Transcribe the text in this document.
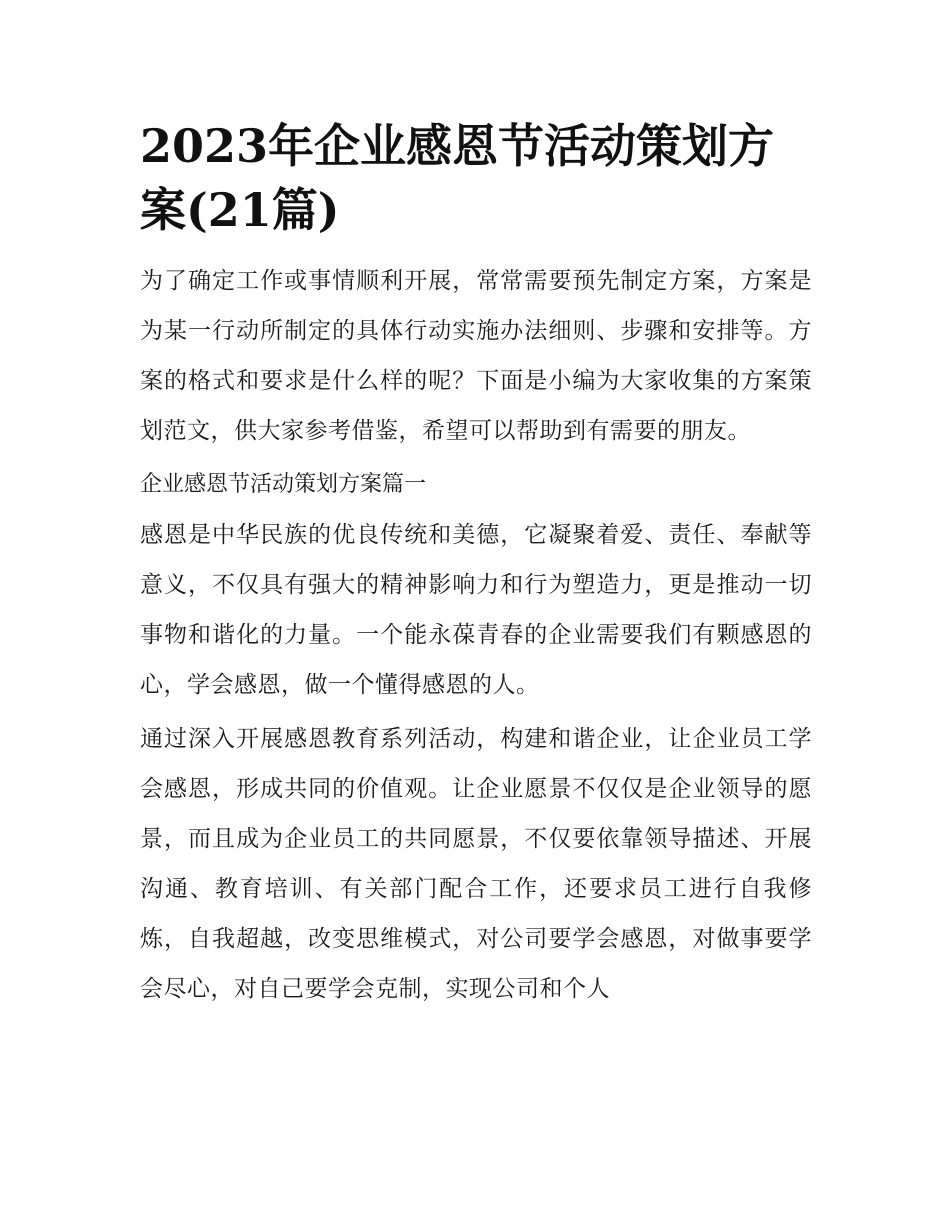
2023年企业感恩节活动策划方案(21篇)

为了确定工作或事情顺利开展，常常需要预先制定方案，方案是为某一行动所制定的具体行动实施办法细则、步骤和安排等。方案的格式和要求是什么样的呢？下面是小编为大家收集的方案策划范文，供大家参考借鉴，希望可以帮助到有需要的朋友。

企业感恩节活动策划方案篇一

感恩是中华民族的优良传统和美德，它凝聚着爱、责任、奉献等意义，不仅具有强大的精神影响力和行为塑造力，更是推动一切事物和谐化的力量。一个能永葆青春的企业需要我们有颗感恩的心，学会感恩，做一个懂得感恩的人。

通过深入开展感恩教育系列活动，构建和谐企业，让企业员工学会感恩，形成共同的价值观。让企业愿景不仅仅是企业领导的愿景，而且成为企业员工的共同愿景，不仅要依靠领导描述、开展沟通、教育培训、有关部门配合工作，还要求员工进行自我修炼，自我超越，改变思维模式，对公司要学会感恩，对做事要学会尽心，对自己要学会克制，实现公司和个人
